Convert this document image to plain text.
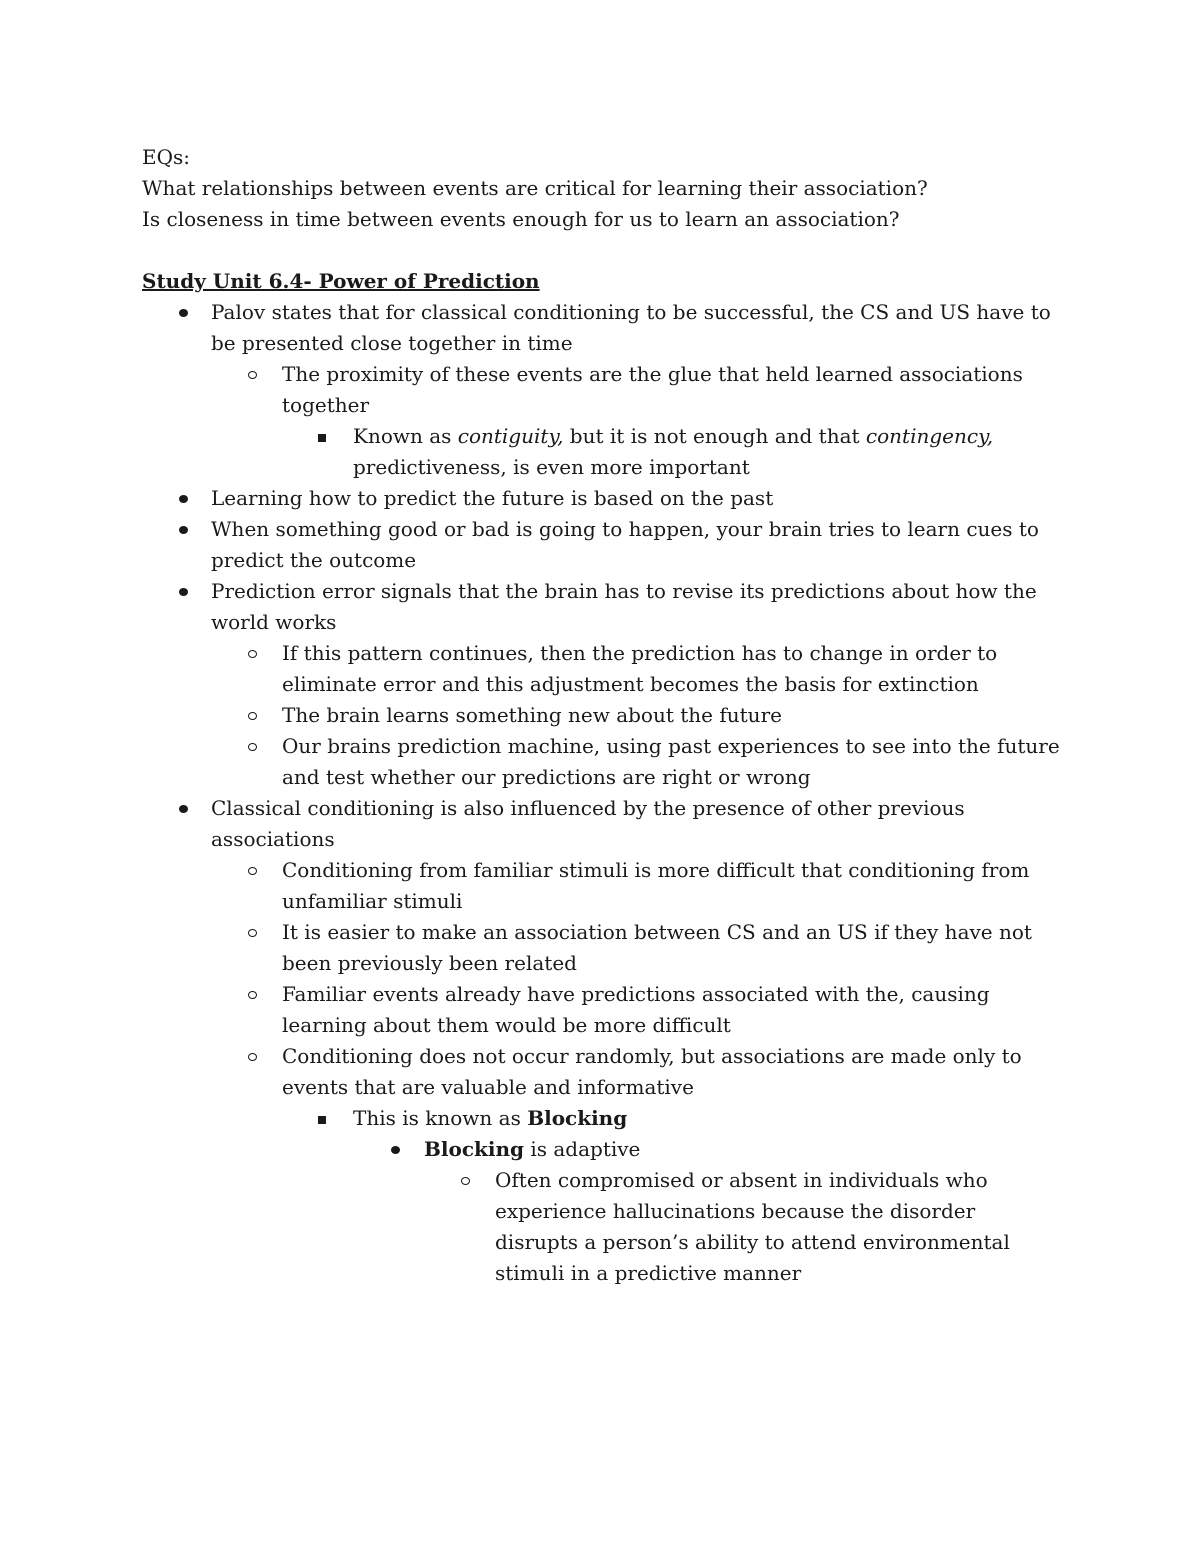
EQs:

What relationships between events are critical for learning their association?

Is closeness in time between events enough for us to learn an association?

Study Unit 6.4- Power of Prediction

Palov states that for classical conditioning to be successful, the CS and US have to be presented close together in time
The proximity of these events are the glue that held learned associations together
Known as contiguity, but it is not enough and that contingency, predictiveness, is even more important
Learning how to predict the future is based on the past
When something good or bad is going to happen, your brain tries to learn cues to predict the outcome
Prediction error signals that the brain has to revise its predictions about how the world works
If this pattern continues, then the prediction has to change in order to eliminate error and this adjustment becomes the basis for extinction
The brain learns something new about the future
Our brains prediction machine, using past experiences to see into the future and test whether our predictions are right or wrong
Classical conditioning is also influenced by the presence of other previous associations
Conditioning from familiar stimuli is more difficult that conditioning from unfamiliar stimuli
It is easier to make an association between CS and an US if they have not been previously been related
Familiar events already have predictions associated with the, causing learning about them would be more difficult
Conditioning does not occur randomly, but associations are made only to events that are valuable and informative
This is known as Blocking
Blocking is adaptive
Often compromised or absent in individuals who experience hallucinations because the disorder disrupts a person’s ability to attend environmental stimuli in a predictive manner
